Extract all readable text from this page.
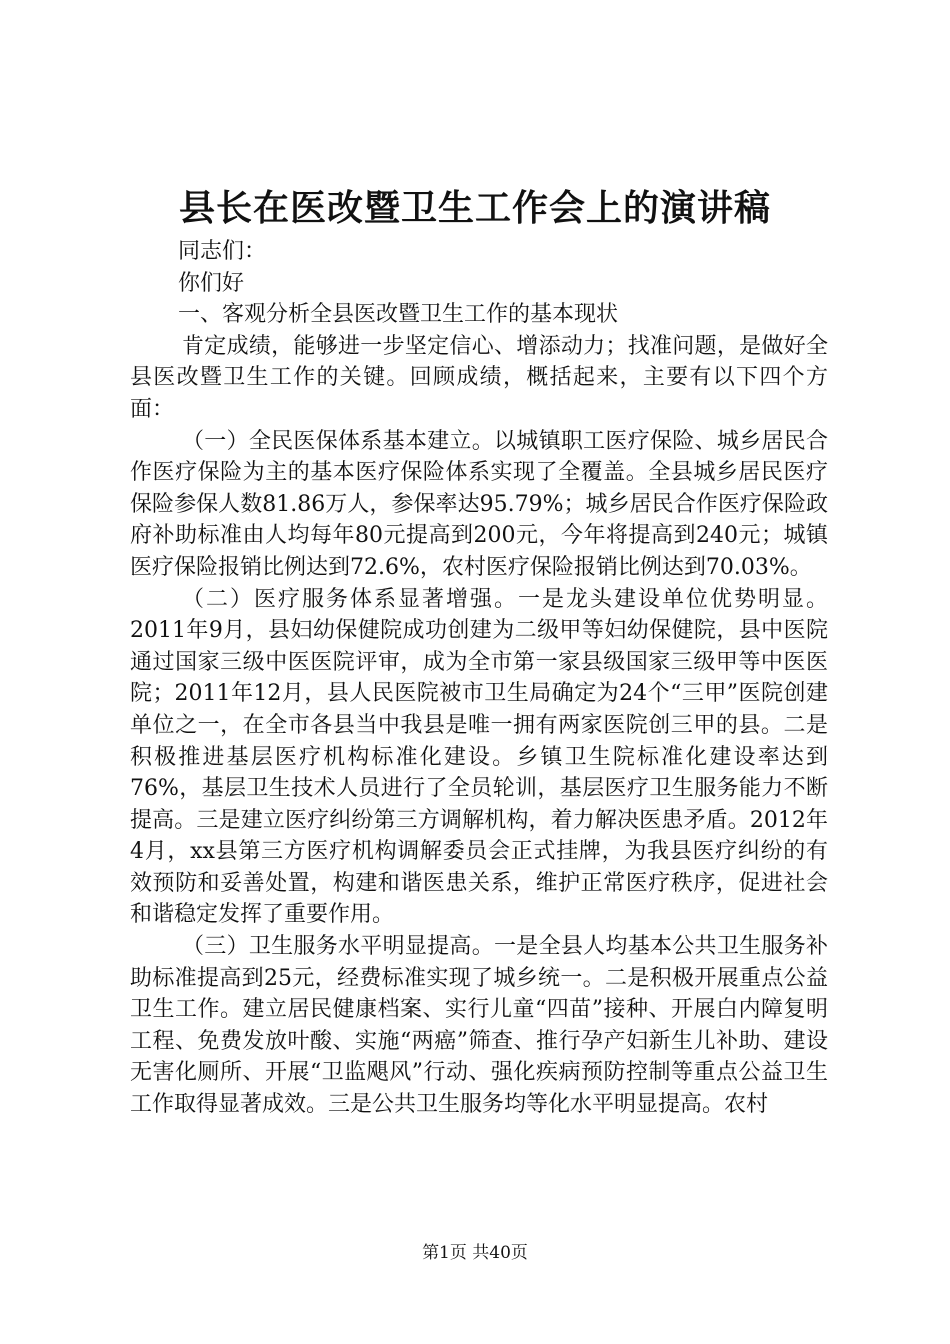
县长在医改暨卫生工作会上的演讲稿

同志们：

你们好

一、客观分析全县医改暨卫生工作的基本现状

肯定成绩，能够进一步坚定信心、增添动力；找准问题，是做好全县医改暨卫生工作的关键。回顾成绩，概括起来，主要有以下四个方面：

（一）全民医保体系基本建立。以城镇职工医疗保险、城乡居民合作医疗保险为主的基本医疗保险体系实现了全覆盖。全县城乡居民医疗保险参保人数81.86万人，参保率达95.79%；城乡居民合作医疗保险政府补助标准由人均每年80元提高到200元，今年将提高到240元；城镇医疗保险报销比例达到72.6%，农村医疗保险报销比例达到70.03%。

（二）医疗服务体系显著增强。一是龙头建设单位优势明显。2011年9月，县妇幼保健院成功创建为二级甲等妇幼保健院，县中医院通过国家三级中医医院评审，成为全市第一家县级国家三级甲等中医医院；2011年12月，县人民医院被市卫生局确定为24个“三甲”医院创建单位之一，在全市各县当中我县是唯一拥有两家医院创三甲的县。二是积极推进基层医疗机构标准化建设。乡镇卫生院标准化建设率达到76%，基层卫生技术人员进行了全员轮训，基层医疗卫生服务能力不断提高。三是建立医疗纠纷第三方调解机构，着力解决医患矛盾。2012年4月，xx县第三方医疗机构调解委员会正式挂牌，为我县医疗纠纷的有效预防和妥善处置，构建和谐医患关系，维护正常医疗秩序，促进社会和谐稳定发挥了重要作用。

（三）卫生服务水平明显提高。一是全县人均基本公共卫生服务补助标准提高到25元，经费标准实现了城乡统一。二是积极开展重点公益卫生工作。建立居民健康档案、实行儿童“四苗”接种、开展白内障复明工程、免费发放叶酸、实施“两癌”筛查、推行孕产妇新生儿补助、建设无害化厕所、开展“卫监飓风”行动、强化疾病预防控制等重点公益卫生工作取得显著成效。三是公共卫生服务均等化水平明显提高。农村

第1页 共40页
